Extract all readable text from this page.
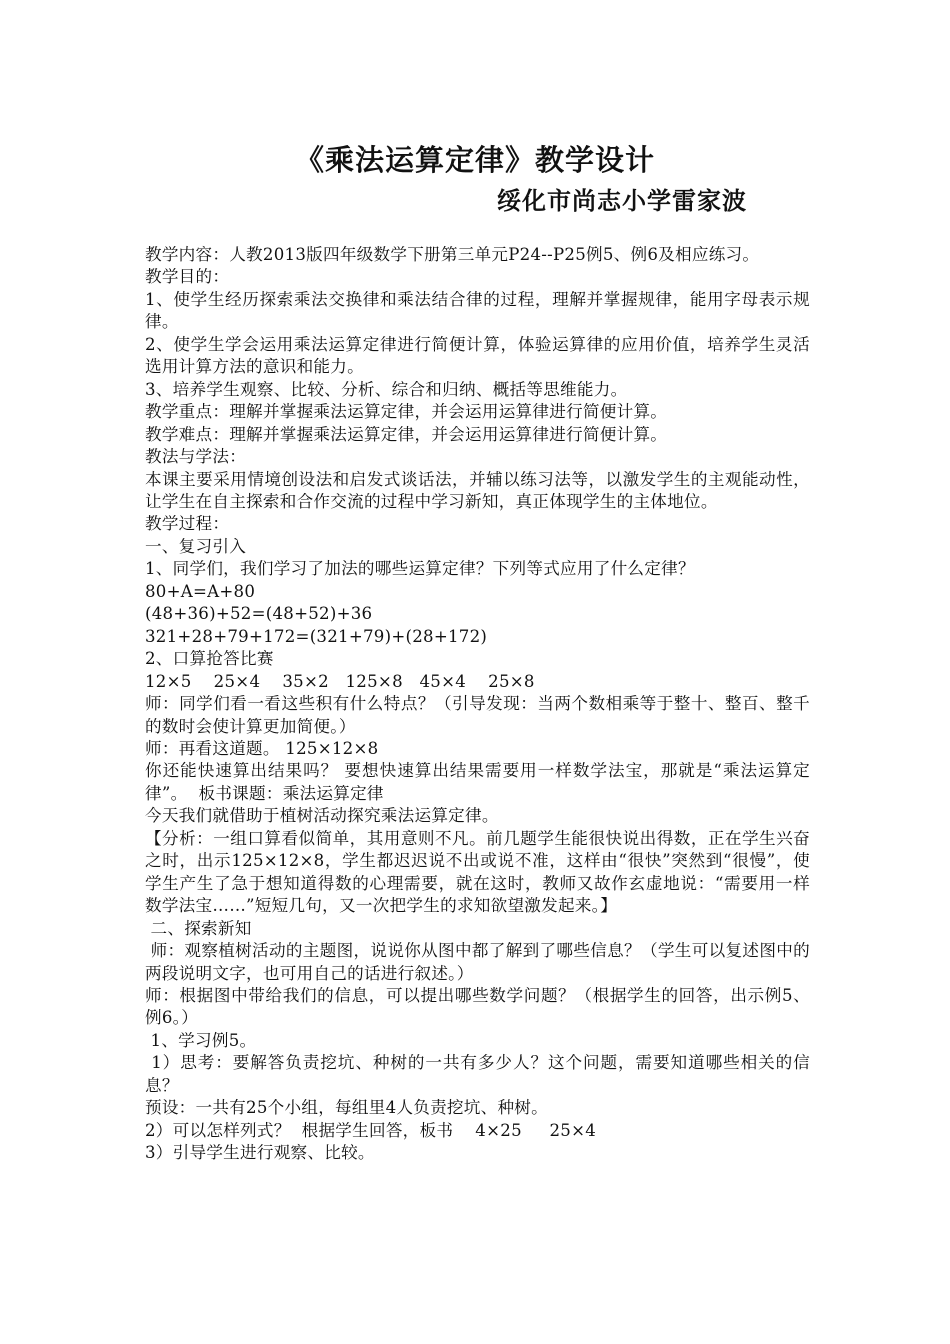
《乘法运算定律》教学设计
绥化市尚志小学雷家波

教学内容：人教2013版四年级数学下册第三单元P24--P25例5、例6及相应练习。

教学目的：

1、使学生经历探索乘法交换律和乘法结合律的过程，理解并掌握规律，能用字母表示规律。

2、使学生学会运用乘法运算定律进行简便计算，体验运算律的应用价值，培养学生灵活选用计算方法的意识和能力。

3、培养学生观察、比较、分析、综合和归纳、概括等思维能力。

教学重点：理解并掌握乘法运算定律，并会运用运算律进行简便计算。

教学难点：理解并掌握乘法运算定律，并会运用运算律进行简便计算。

教法与学法：

本课主要采用情境创设法和启发式谈话法，并辅以练习法等，以激发学生的主观能动性，让学生在自主探索和合作交流的过程中学习新知，真正体现学生的主体地位。

教学过程：

一、复习引入

1、同学们，我们学习了加法的哪些运算定律？下列等式应用了什么定律？

80+A=A+80

(48+36)+52=(48+52)+36

321+28+79+172=(321+79)+(28+172)

2、口算抢答比赛

12×5    25×4    35×2   125×8   45×4    25×8

师：同学们看一看这些积有什么特点？（引导发现：当两个数相乘等于整十、整百、整千的数时会使计算更加简便。）

师：再看这道题。 125×12×8

你还能快速算出结果吗？ 要想快速算出结果需要用一样数学法宝，那就是“乘法运算定律”。  板书课题：乘法运算定律

今天我们就借助于植树活动探究乘法运算定律。

【分析：一组口算看似简单，其用意则不凡。前几题学生能很快说出得数，正在学生兴奋之时，出示125×12×8，学生都迟迟说不出或说不准，这样由“很快”突然到“很慢”，使学生产生了急于想知道得数的心理需要，就在这时，教师又故作玄虚地说：“需要用一样数学法宝……”短短几句，又一次把学生的求知欲望激发起来。】

二、探索新知

师：观察植树活动的主题图，说说你从图中都了解到了哪些信息？（学生可以复述图中的两段说明文字，也可用自己的话进行叙述。）

师：根据图中带给我们的信息，可以提出哪些数学问题？（根据学生的回答，出示例5、例6。）

1、学习例5。

1）思考：要解答负责挖坑、种树的一共有多少人？这个问题，需要知道哪些相关的信息？

预设：一共有25个小组，每组里4人负责挖坑、种树。

2）可以怎样列式？  根据学生回答，板书    4×25     25×4

3）引导学生进行观察、比较。
